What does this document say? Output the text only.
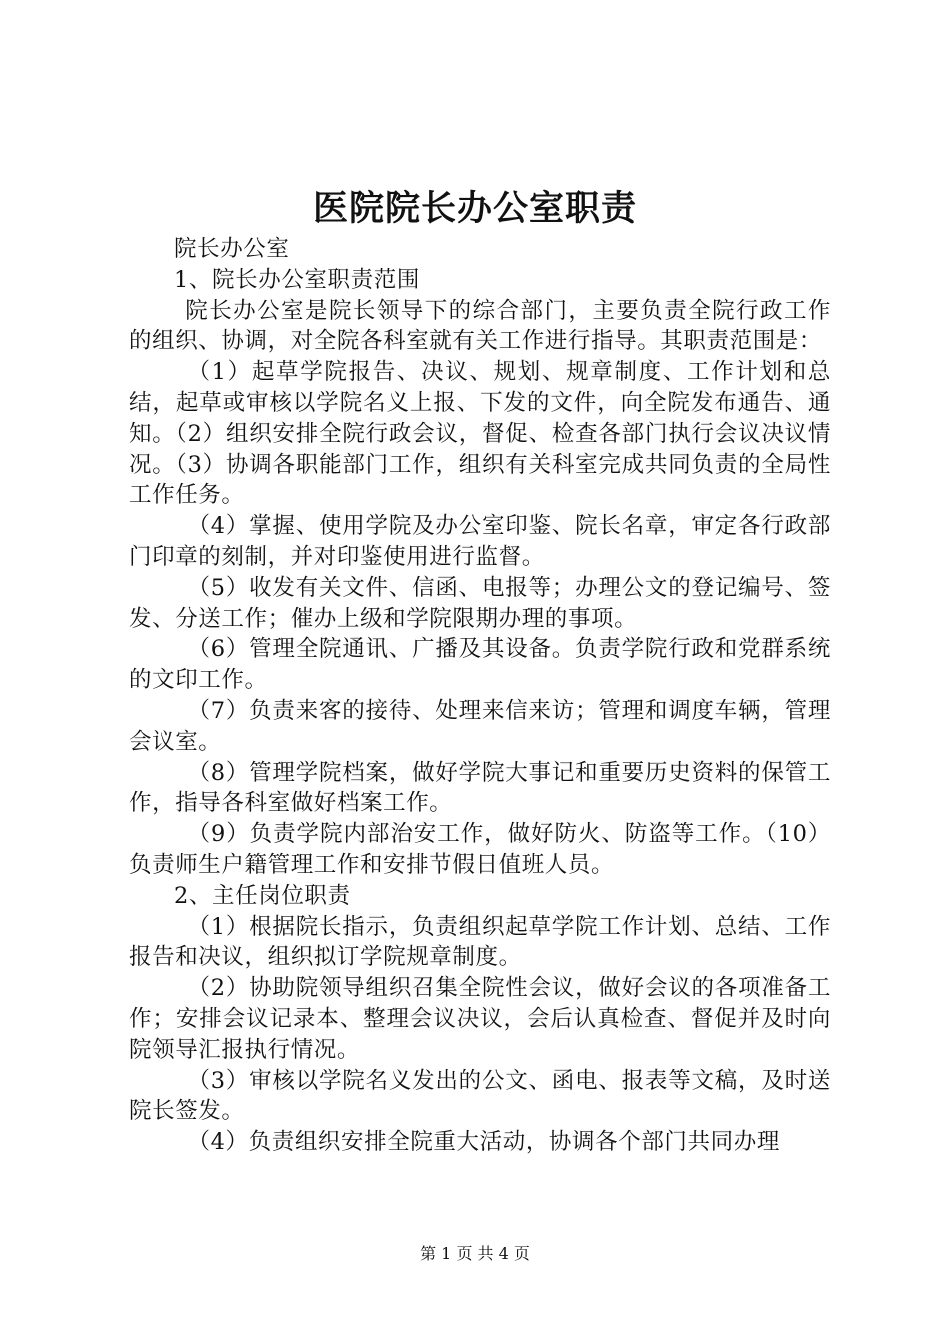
医院院长办公室职责

院长办公室

1、院长办公室职责范围

院长办公室是院长领导下的综合部门，主要负责全院行政工作的组织、协调，对全院各科室就有关工作进行指导。其职责范围是：

（1）起草学院报告、决议、规划、规章制度、工作计划和总结，起草或审核以学院名义上报、下发的文件，向全院发布通告、通知。（2）组织安排全院行政会议，督促、检查各部门执行会议决议情况。（3）协调各职能部门工作，组织有关科室完成共同负责的全局性工作任务。

（4）掌握、使用学院及办公室印鉴、院长名章，审定各行政部门印章的刻制，并对印鉴使用进行监督。

（5）收发有关文件、信函、电报等；办理公文的登记编号、签发、分送工作；催办上级和学院限期办理的事项。

（6）管理全院通讯、广播及其设备。负责学院行政和党群系统的文印工作。

（7）负责来客的接待、处理来信来访；管理和调度车辆，管理会议室。

（8）管理学院档案，做好学院大事记和重要历史资料的保管工作，指导各科室做好档案工作。

（9）负责学院内部治安工作，做好防火、防盗等工作。（10）负责师生户籍管理工作和安排节假日值班人员。

2、主任岗位职责

（1）根据院长指示，负责组织起草学院工作计划、总结、工作报告和决议，组织拟订学院规章制度。

（2）协助院领导组织召集全院性会议，做好会议的各项准备工作；安排会议记录本、整理会议决议，会后认真检查、督促并及时向院领导汇报执行情况。

（3）审核以学院名义发出的公文、函电、报表等文稿，及时送院长签发。

（4）负责组织安排全院重大活动，协调各个部门共同办理

第 1 页 共 4 页
